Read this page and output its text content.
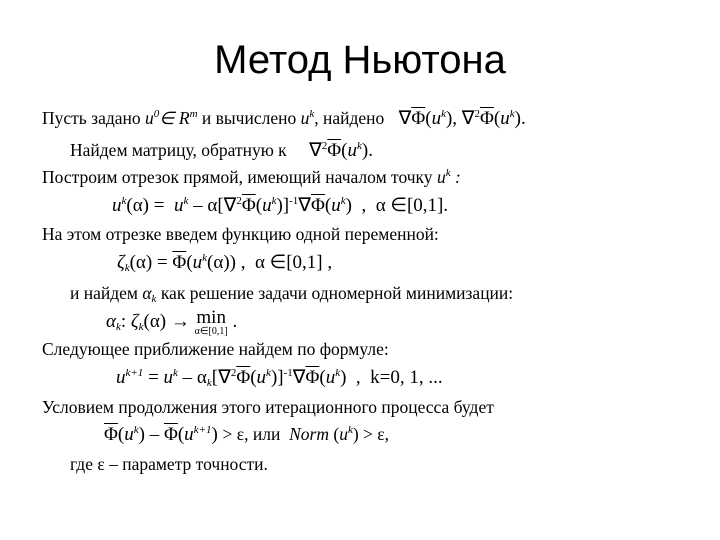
Метод Ньютона
Пусть задано $u^0\in$ $R^m$ и вычислено $u^k$, найдено $\nabla\overline{\Phi}(u^k)$, $\nabla^2\overline{\Phi}(u^k)$.
Найдем матрицу, обратную к $\nabla^2\overline{\Phi}(u^k)$.
Построим отрезок прямой, имеющий началом точку $u^k$ :
$u^k(\alpha) = u^k - \alpha[\nabla^2\overline{\Phi}(u^k)]^{-1}\nabla\overline{\Phi}(u^k)$  ,  α ∈[0,1].
На этом отрезке введем функцию одной переменной:
$\zeta_k(\alpha) = \overline{\Phi}(u^k(\alpha))$ ,  α ∈[0,1] ,
и найдем $\alpha_k$ как решение задачи одномерной минимизации:
$\alpha_k$: $\zeta_k(\alpha) \to \min$
α∈[0,1] .
Следующее приближение найдем по формуле:
$u^{k+1} = u^k - \alpha_k[\nabla^2\overline{\Phi}(u^k)]^{-1}\nabla\overline{\Phi}(u^k)$  ,  k=0, 1, ...
Условием продолжения этого итерационного процесса будет
$\overline{\Phi}(u^k) - \overline{\Phi}(u^{k+1}) > \varepsilon$, или Norm $(u^k) > \varepsilon$,
где ε – параметр точности.
